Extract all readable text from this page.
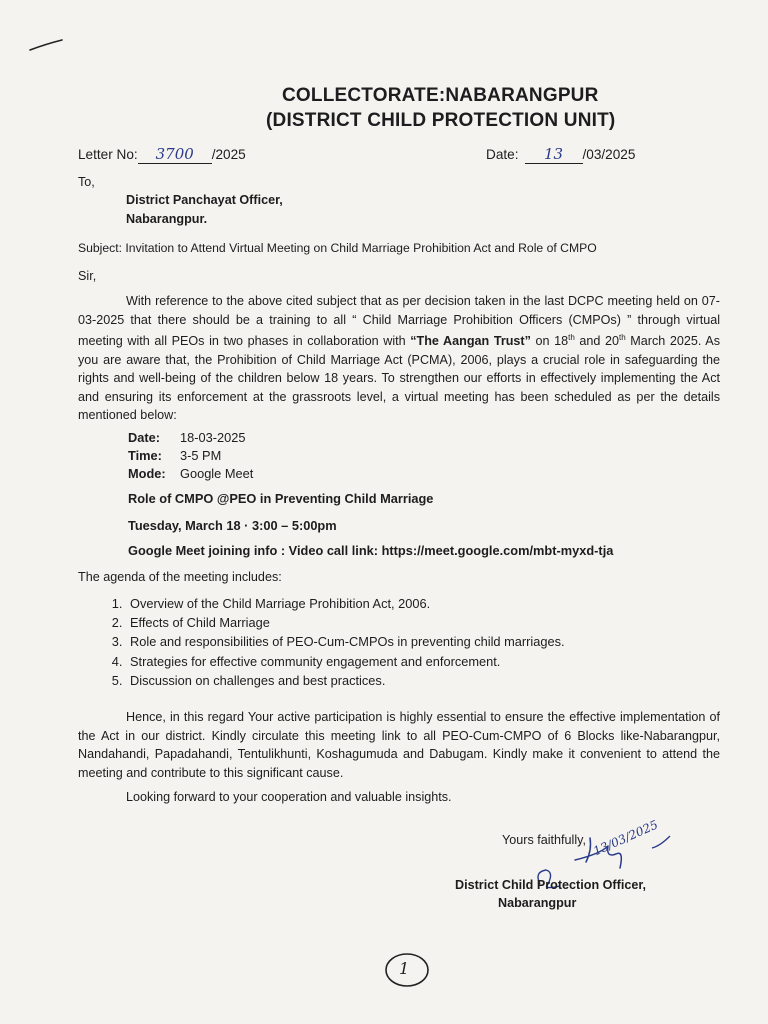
COLLECTORATE:NABARANGPUR
(DISTRICT CHILD PROTECTION UNIT)
Letter No: 3700 /2025	Date: 13 /03/2025
To,
District Panchayat Officer,
Nabarangpur.
Subject: Invitation to Attend Virtual Meeting on Child Marriage Prohibition Act and Role of CMPO
Sir,
With reference to the above cited subject that as per decision taken in the last DCPC meeting held on 07-03-2025 that there should be a training to all “ Child Marriage Prohibition Officers (CMPOs) ” through virtual meeting with all PEOs in two phases in collaboration with “The Aangan Trust” on 18th and 20th March 2025. As you are aware that, the Prohibition of Child Marriage Act (PCMA), 2006, plays a crucial role in safeguarding the rights and well-being of the children below 18 years. To strengthen our efforts in effectively implementing the Act and ensuring its enforcement at the grassroots level, a virtual meeting has been scheduled as per the details mentioned below:
Date: 18-03-2025
Time: 3-5 PM
Mode: Google Meet
Role of CMPO @PEO in Preventing Child Marriage
Tuesday, March 18 · 3:00 – 5:00pm
Google Meet joining info : Video call link: https://meet.google.com/mbt-myxd-tja
The agenda of the meeting includes:
1. Overview of the Child Marriage Prohibition Act, 2006.
2. Effects of Child Marriage
3. Role and responsibilities of PEO-Cum-CMPOs in preventing child marriages.
4. Strategies for effective community engagement and enforcement.
5. Discussion on challenges and best practices.
Hence, in this regard Your active participation is highly essential to ensure the effective implementation of the Act in our district. Kindly circulate this meeting link to all PEO-Cum-CMPO of 6 Blocks like-Nabarangpur, Nandahandi, Papadahandi, Tentulikhunti, Koshagumuda and Dabugam. Kindly make it convenient to attend the meeting and contribute to this significant cause.
Looking forward to your cooperation and valuable insights.
Yours faithfully, 13/03/2025
District Child Protection Officer,
Nabarangpur
1
